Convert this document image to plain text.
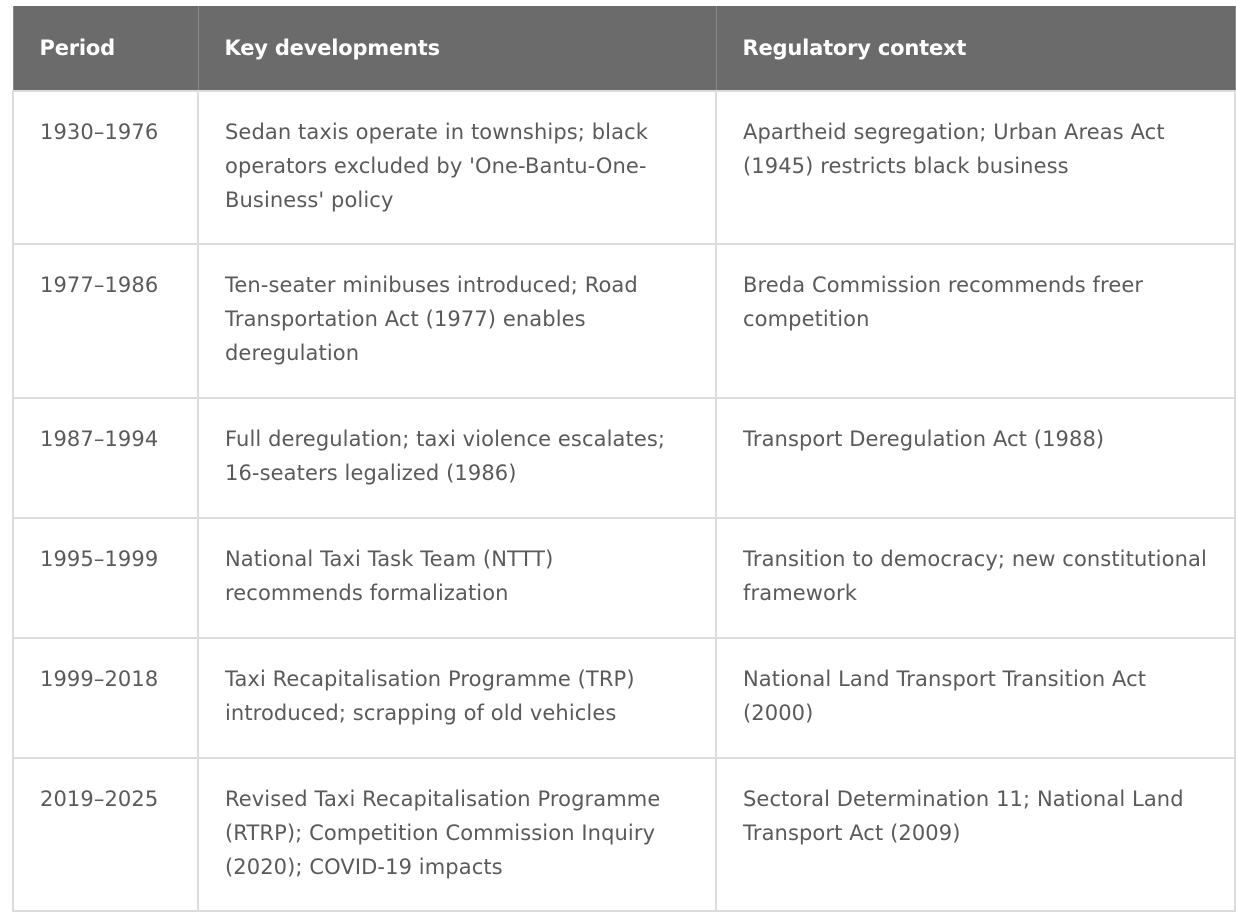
Period	Key developments	Regulatory context
1930–1976	Sedan taxis operate in townships; black operators excluded by 'One-Bantu-One-Business' policy	Apartheid segregation; Urban Areas Act (1945) restricts black business
1977–1986	Ten-seater minibuses introduced; Road Transportation Act (1977) enables deregulation	Breda Commission recommends freer competition
1987–1994	Full deregulation; taxi violence escalates; 16-seaters legalized (1986)	Transport Deregulation Act (1988)
1995–1999	National Taxi Task Team (NTTT) recommends formalization	Transition to democracy; new constitutional framework
1999–2018	Taxi Recapitalisation Programme (TRP) introduced; scrapping of old vehicles	National Land Transport Transition Act (2000)
2019–2025	Revised Taxi Recapitalisation Programme (RTRP); Competition Commission Inquiry (2020); COVID-19 impacts	Sectoral Determination 11; National Land Transport Act (2009)
